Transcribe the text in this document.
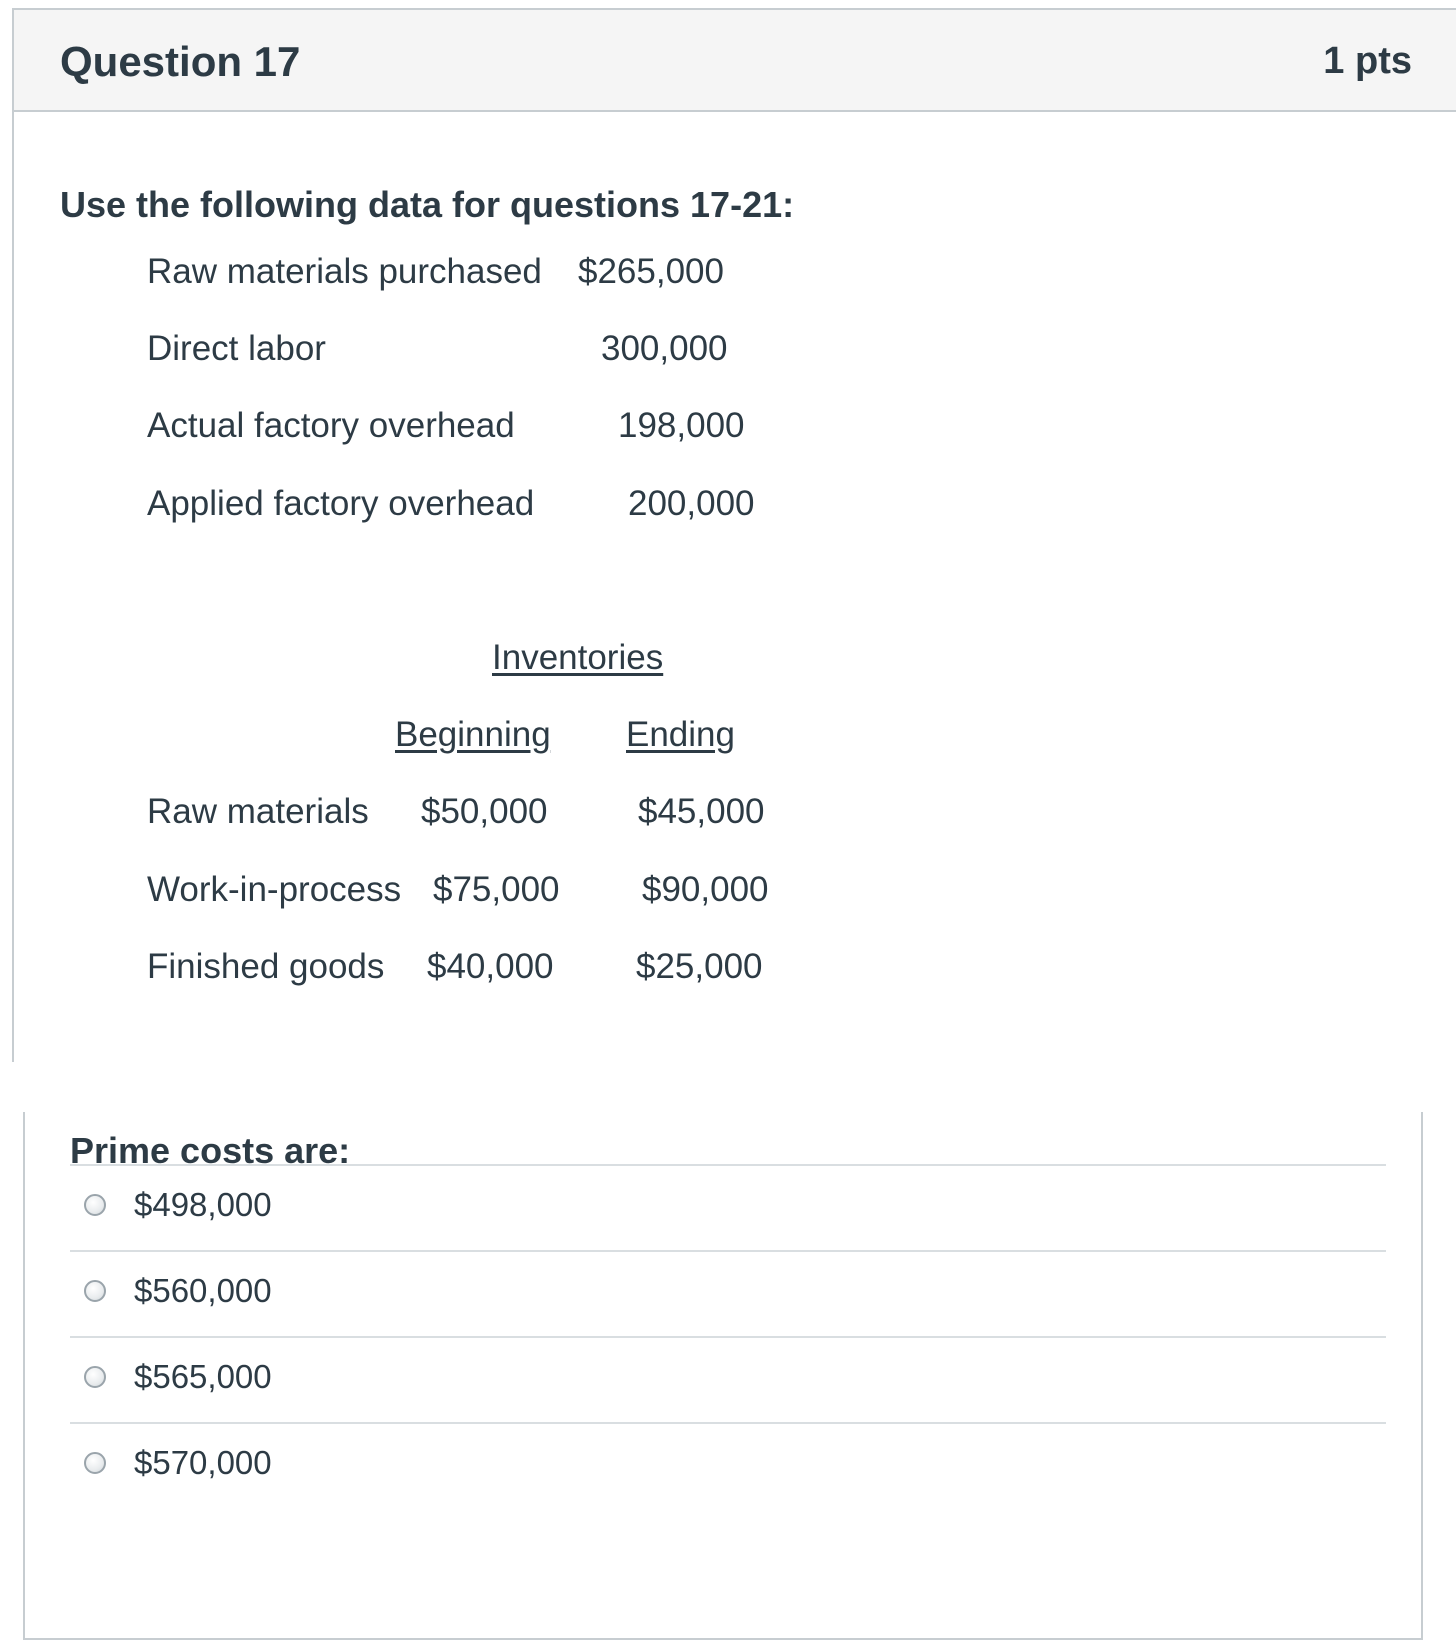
Question 17	1 pts
Use the following data for questions 17-21:
Raw materials purchased $265,000
Direct labor	300,000
Actual factory overhead	198,000
Applied factory overhead	200,000
Inventories
Beginning Ending
Raw materials $50,000	$45,000
Work-in-process $75,000 $90,000
Finished goods $40,000 $25,000
Prime costs are:
$498,000
$560,000
$565,000
$570,000
